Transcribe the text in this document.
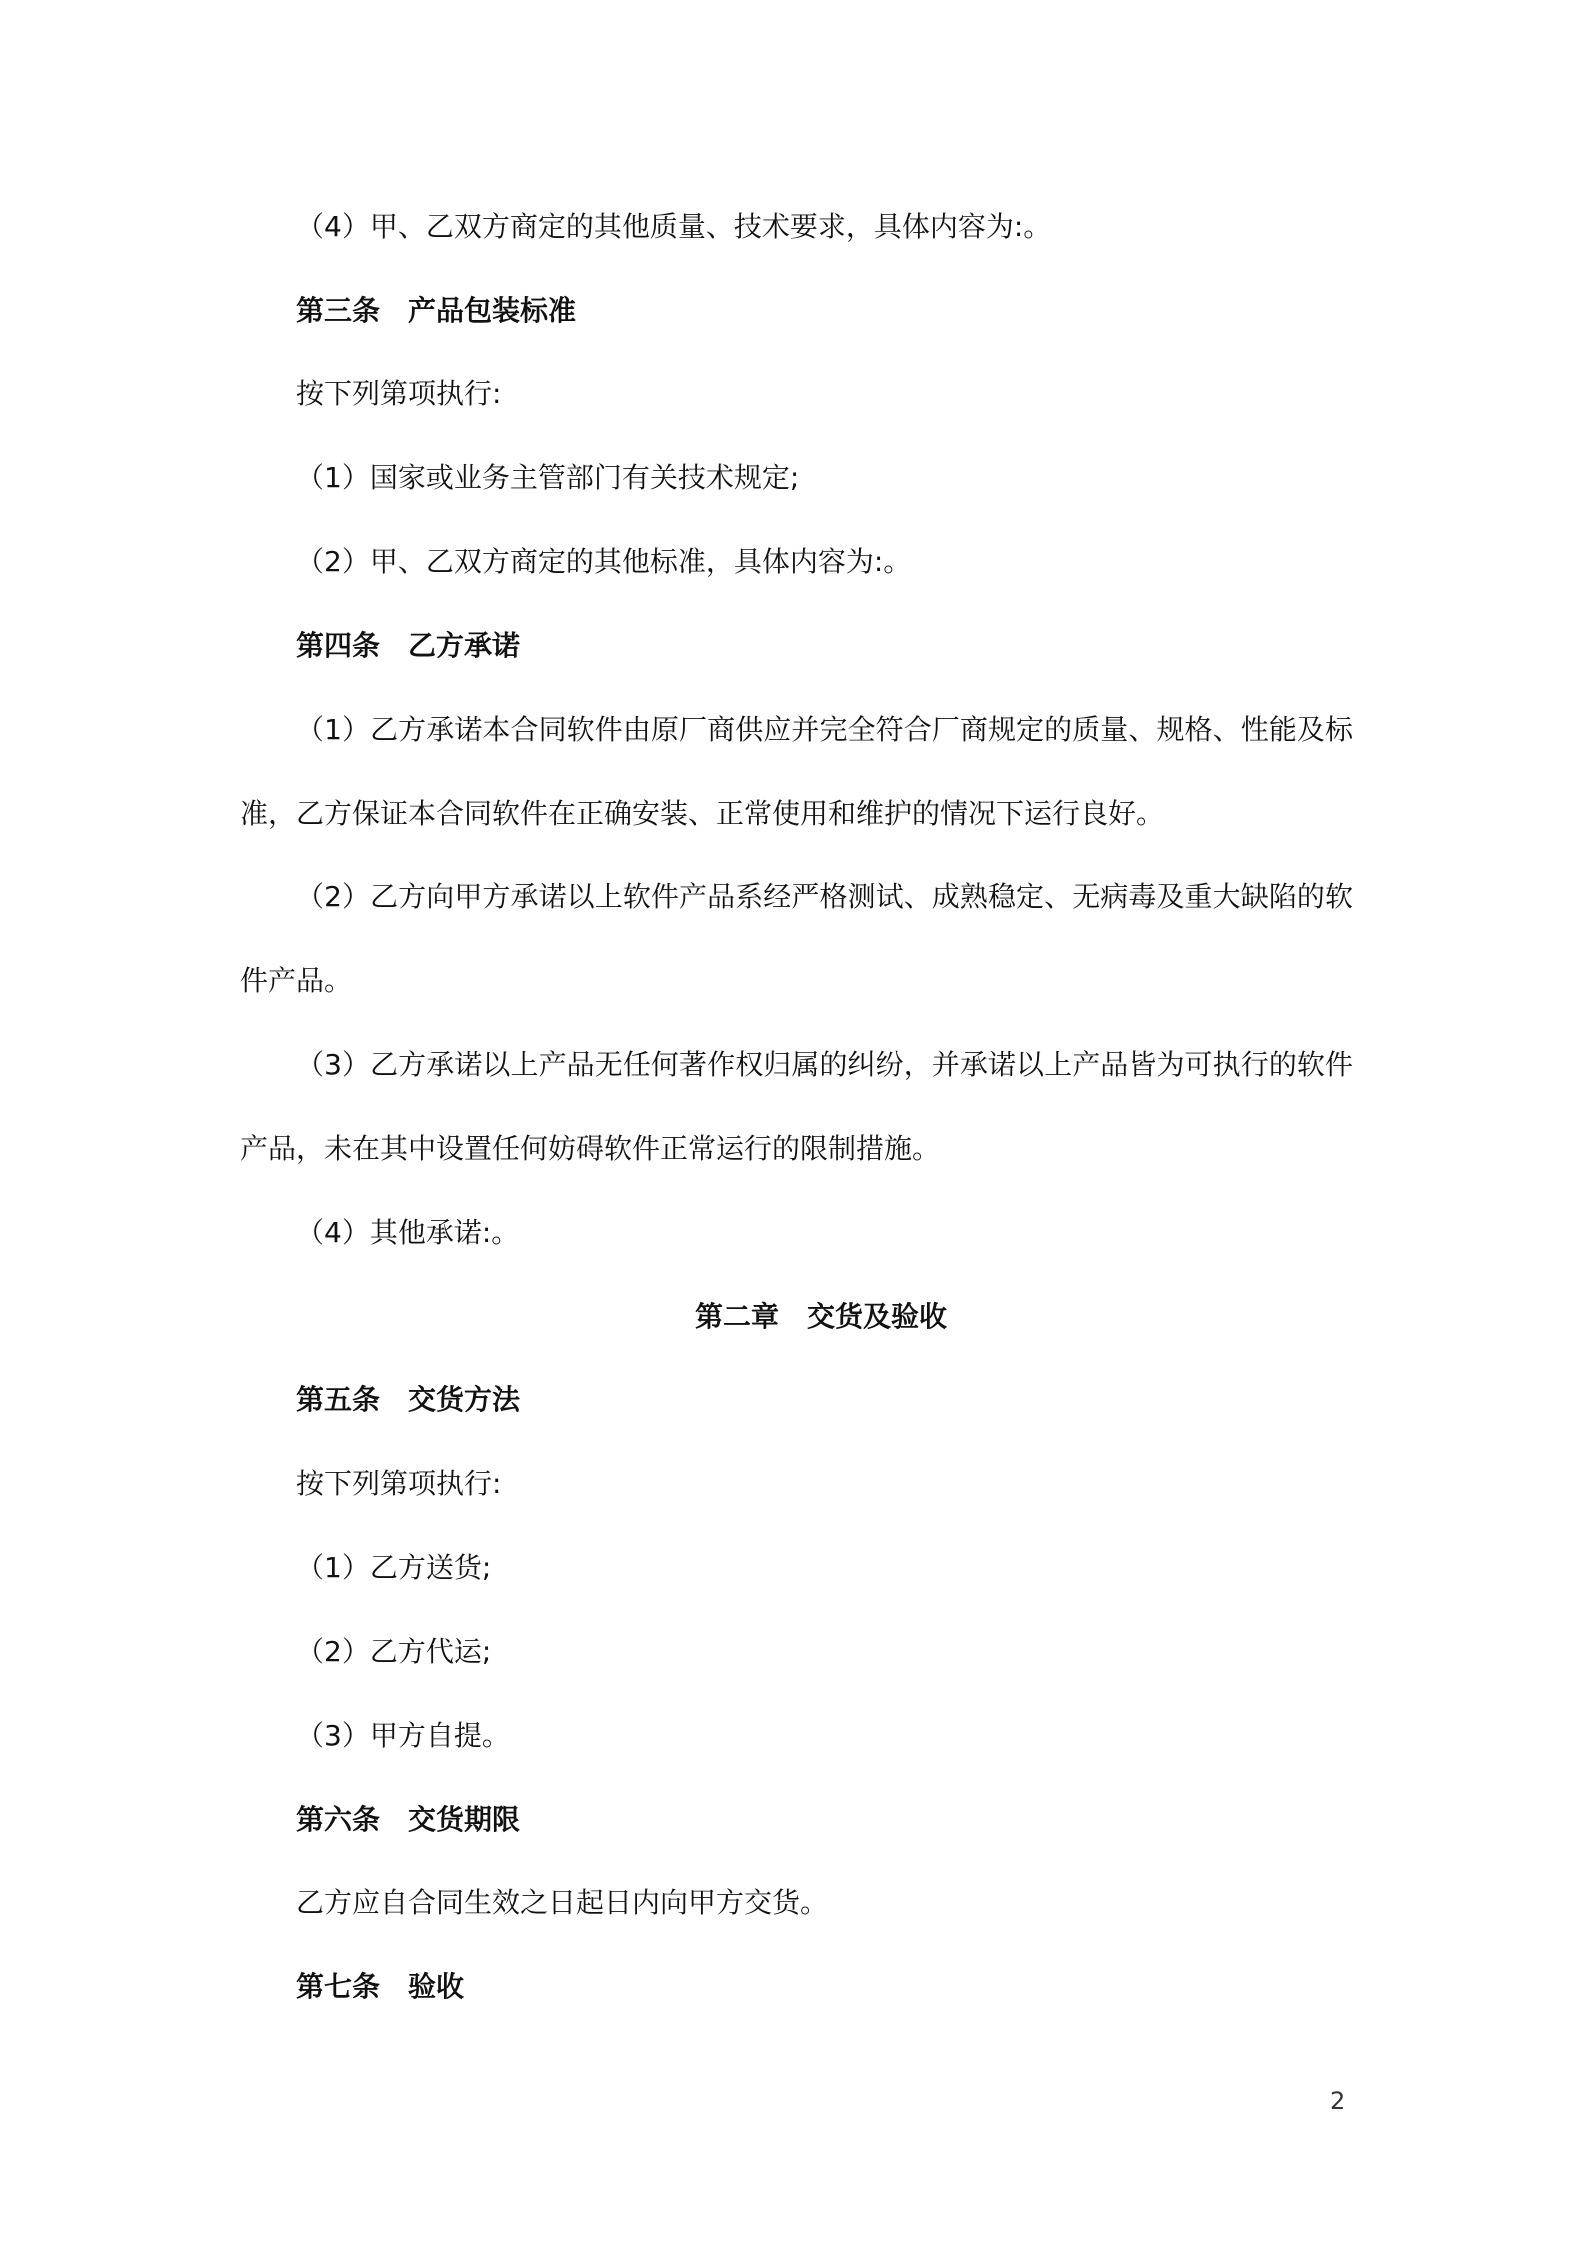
（4）甲、乙双方商定的其他质量、技术要求，具体内容为:。
第三条　产品包装标准
按下列第项执行:
（1）国家或业务主管部门有关技术规定;
（2）甲、乙双方商定的其他标准，具体内容为:。
第四条　乙方承诺
（1）乙方承诺本合同软件由原厂商供应并完全符合厂商规定的质量、规格、性能及标
准，乙方保证本合同软件在正确安装、正常使用和维护的情况下运行良好。
（2）乙方向甲方承诺以上软件产品系经严格测试、成熟稳定、无病毒及重大缺陷的软
件产品。
（3）乙方承诺以上产品无任何著作权归属的纠纷，并承诺以上产品皆为可执行的软件
产品，未在其中设置任何妨碍软件正常运行的限制措施。
（4）其他承诺:。
第二章　交货及验收
第五条　交货方法
按下列第项执行:
（1）乙方送货;
（2）乙方代运;
（3）甲方自提。
第六条　交货期限
乙方应自合同生效之日起日内向甲方交货。
第七条　验收
2
